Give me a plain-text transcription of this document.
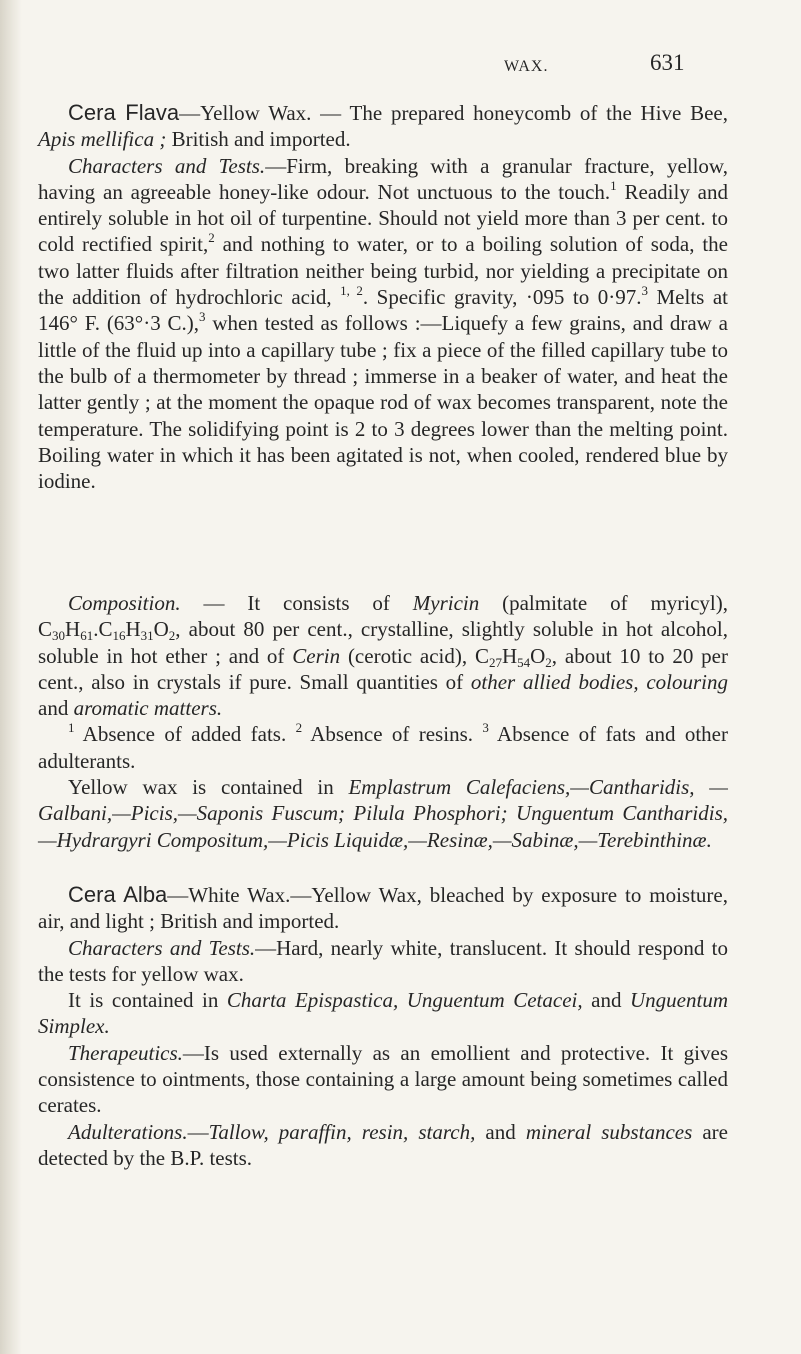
WAX.	631

Cera Flava—Yellow Wax. — The prepared honeycomb of the Hive Bee, Apis mellifica ; British and imported.

Characters and Tests.—Firm, breaking with a granular fracture, yellow, having an agreeable honey-like odour. Not unctuous to the touch.$^1$ Readily and entirely soluble in hot oil of turpentine. Should not yield more than 3 per cent. to cold rectified spirit,$^2$ and nothing to water, or to a boiling solution of soda, the two latter fluids after filtration neither being turbid, nor yielding a precipitate on the addition of hydrochloric acid, $^{1, 2}$. Specific gravity, ·095 to 0·97.$^3$ Melts at 146° F. (63°·3 C.),$^3$ when tested as follows :—Liquefy a few grains, and draw a little of the fluid up into a capillary tube ; fix a piece of the filled capillary tube to the bulb of a thermometer by thread ; immerse in a beaker of water, and heat the latter gently ; at the moment the opaque rod of wax becomes transparent, note the temperature. The solidifying point is 2 to 3 degrees lower than the melting point. Boiling water in which it has been agitated is not, when cooled, rendered blue by iodine.

Composition. — It consists of Myricin (palmitate of myricyl), $C_{30}H_{61}.C_{16}H_{31}O_2$, about 80 per cent., crystalline, slightly soluble in hot alcohol, soluble in hot ether ; and of Cerin (cerotic acid), $C_{27}H_{54}O_2$, about 10 to 20 per cent., also in crystals if pure. Small quantities of other allied bodies, colouring and aromatic matters.

$^1$ Absence of added fats. $^2$ Absence of resins. $^3$ Absence of fats and other adulterants.

Yellow wax is contained in Emplastrum Calefaciens,—Cantharidis, —Galbani,—Picis,—Saponis Fuscum; Pilula Phosphori; Unguentum Cantharidis,—Hydrargyri Compositum,—Picis Liquidæ,—Resinæ,—Sabinæ,—Terebinthinæ.

Cera Alba—White Wax.—Yellow Wax, bleached by exposure to moisture, air, and light ; British and imported.

Characters and Tests.—Hard, nearly white, translucent. It should respond to the tests for yellow wax.

It is contained in Charta Epispastica, Unguentum Cetacei, and Unguentum Simplex.

Therapeutics.—Is used externally as an emollient and protective. It gives consistence to ointments, those containing a large amount being sometimes called cerates.

Adulterations.—Tallow, paraffin, resin, starch, and mineral substances are detected by the B.P. tests.
